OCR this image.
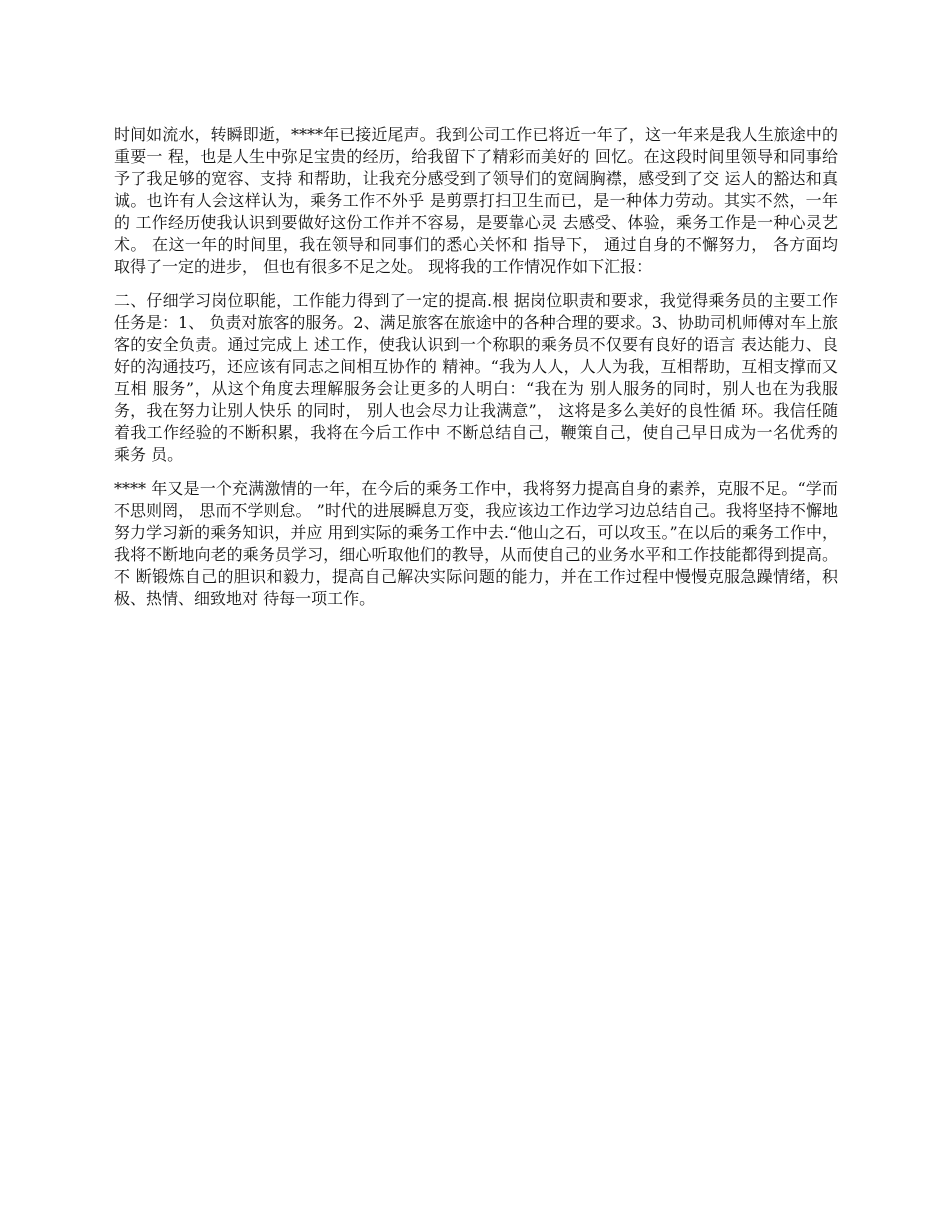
时间如流水，转瞬即逝，****年已接近尾声。我到公司工作已将近一年了，这一年来是我人生旅途中的重要一 程，也是人生中弥足宝贵的经历，给我留下了精彩而美好的 回忆。在这段时间里领导和同事给予了我足够的宽容、支持 和帮助，让我充分感受到了领导们的宽阔胸襟，感受到了交 运人的豁达和真诚。也许有人会这样认为，乘务工作不外乎 是剪票打扫卫生而已，是一种体力劳动。其实不然，一年的 工作经历使我认识到要做好这份工作并不容易，是要靠心灵 去感受、体验，乘务工作是一种心灵艺术。 在这一年的时间里，我在领导和同事们的悉心关怀和 指导下， 通过自身的不懈努力， 各方面均取得了一定的进步， 但也有很多不足之处。 现将我的工作情况作如下汇报：

二、仔细学习岗位职能，工作能力得到了一定的提高.根 据岗位职责和要求，我觉得乘务员的主要工作任务是：1、 负责对旅客的服务。2、满足旅客在旅途中的各种合理的要求。3、协助司机师傅对车上旅客的安全负责。通过完成上 述工作，使我认识到一个称职的乘务员不仅要有良好的语言 表达能力、良好的沟通技巧，还应该有同志之间相互协作的 精神。“我为人人，人人为我，互相帮助，互相支撑而又互相 服务”，从这个角度去理解服务会让更多的人明白：“我在为 别人服务的同时，别人也在为我服务，我在努力让别人快乐 的同时， 别人也会尽力让我满意”， 这将是多么美好的良性循 环。我信任随着我工作经验的不断积累，我将在今后工作中 不断总结自己，鞭策自己，使自己早日成为一名优秀的乘务 员。

**** 年又是一个充满激情的一年，在今后的乘务工作中，我将努力提高自身的素养，克服不足。“学而不思则罔， 思而不学则怠。 ”时代的进展瞬息万变，我应该边工作边学习边总结自己。我将坚持不懈地努力学习新的乘务知识，并应 用到实际的乘务工作中去.“他山之石，可以攻玉。”在以后的乘务工作中，我将不断地向老的乘务员学习，细心听取他们的教导，从而使自己的业务水平和工作技能都得到提高。不 断锻炼自己的胆识和毅力，提高自己解决实际问题的能力，并在工作过程中慢慢克服急躁情绪，积极、热情、细致地对 待每一项工作。
